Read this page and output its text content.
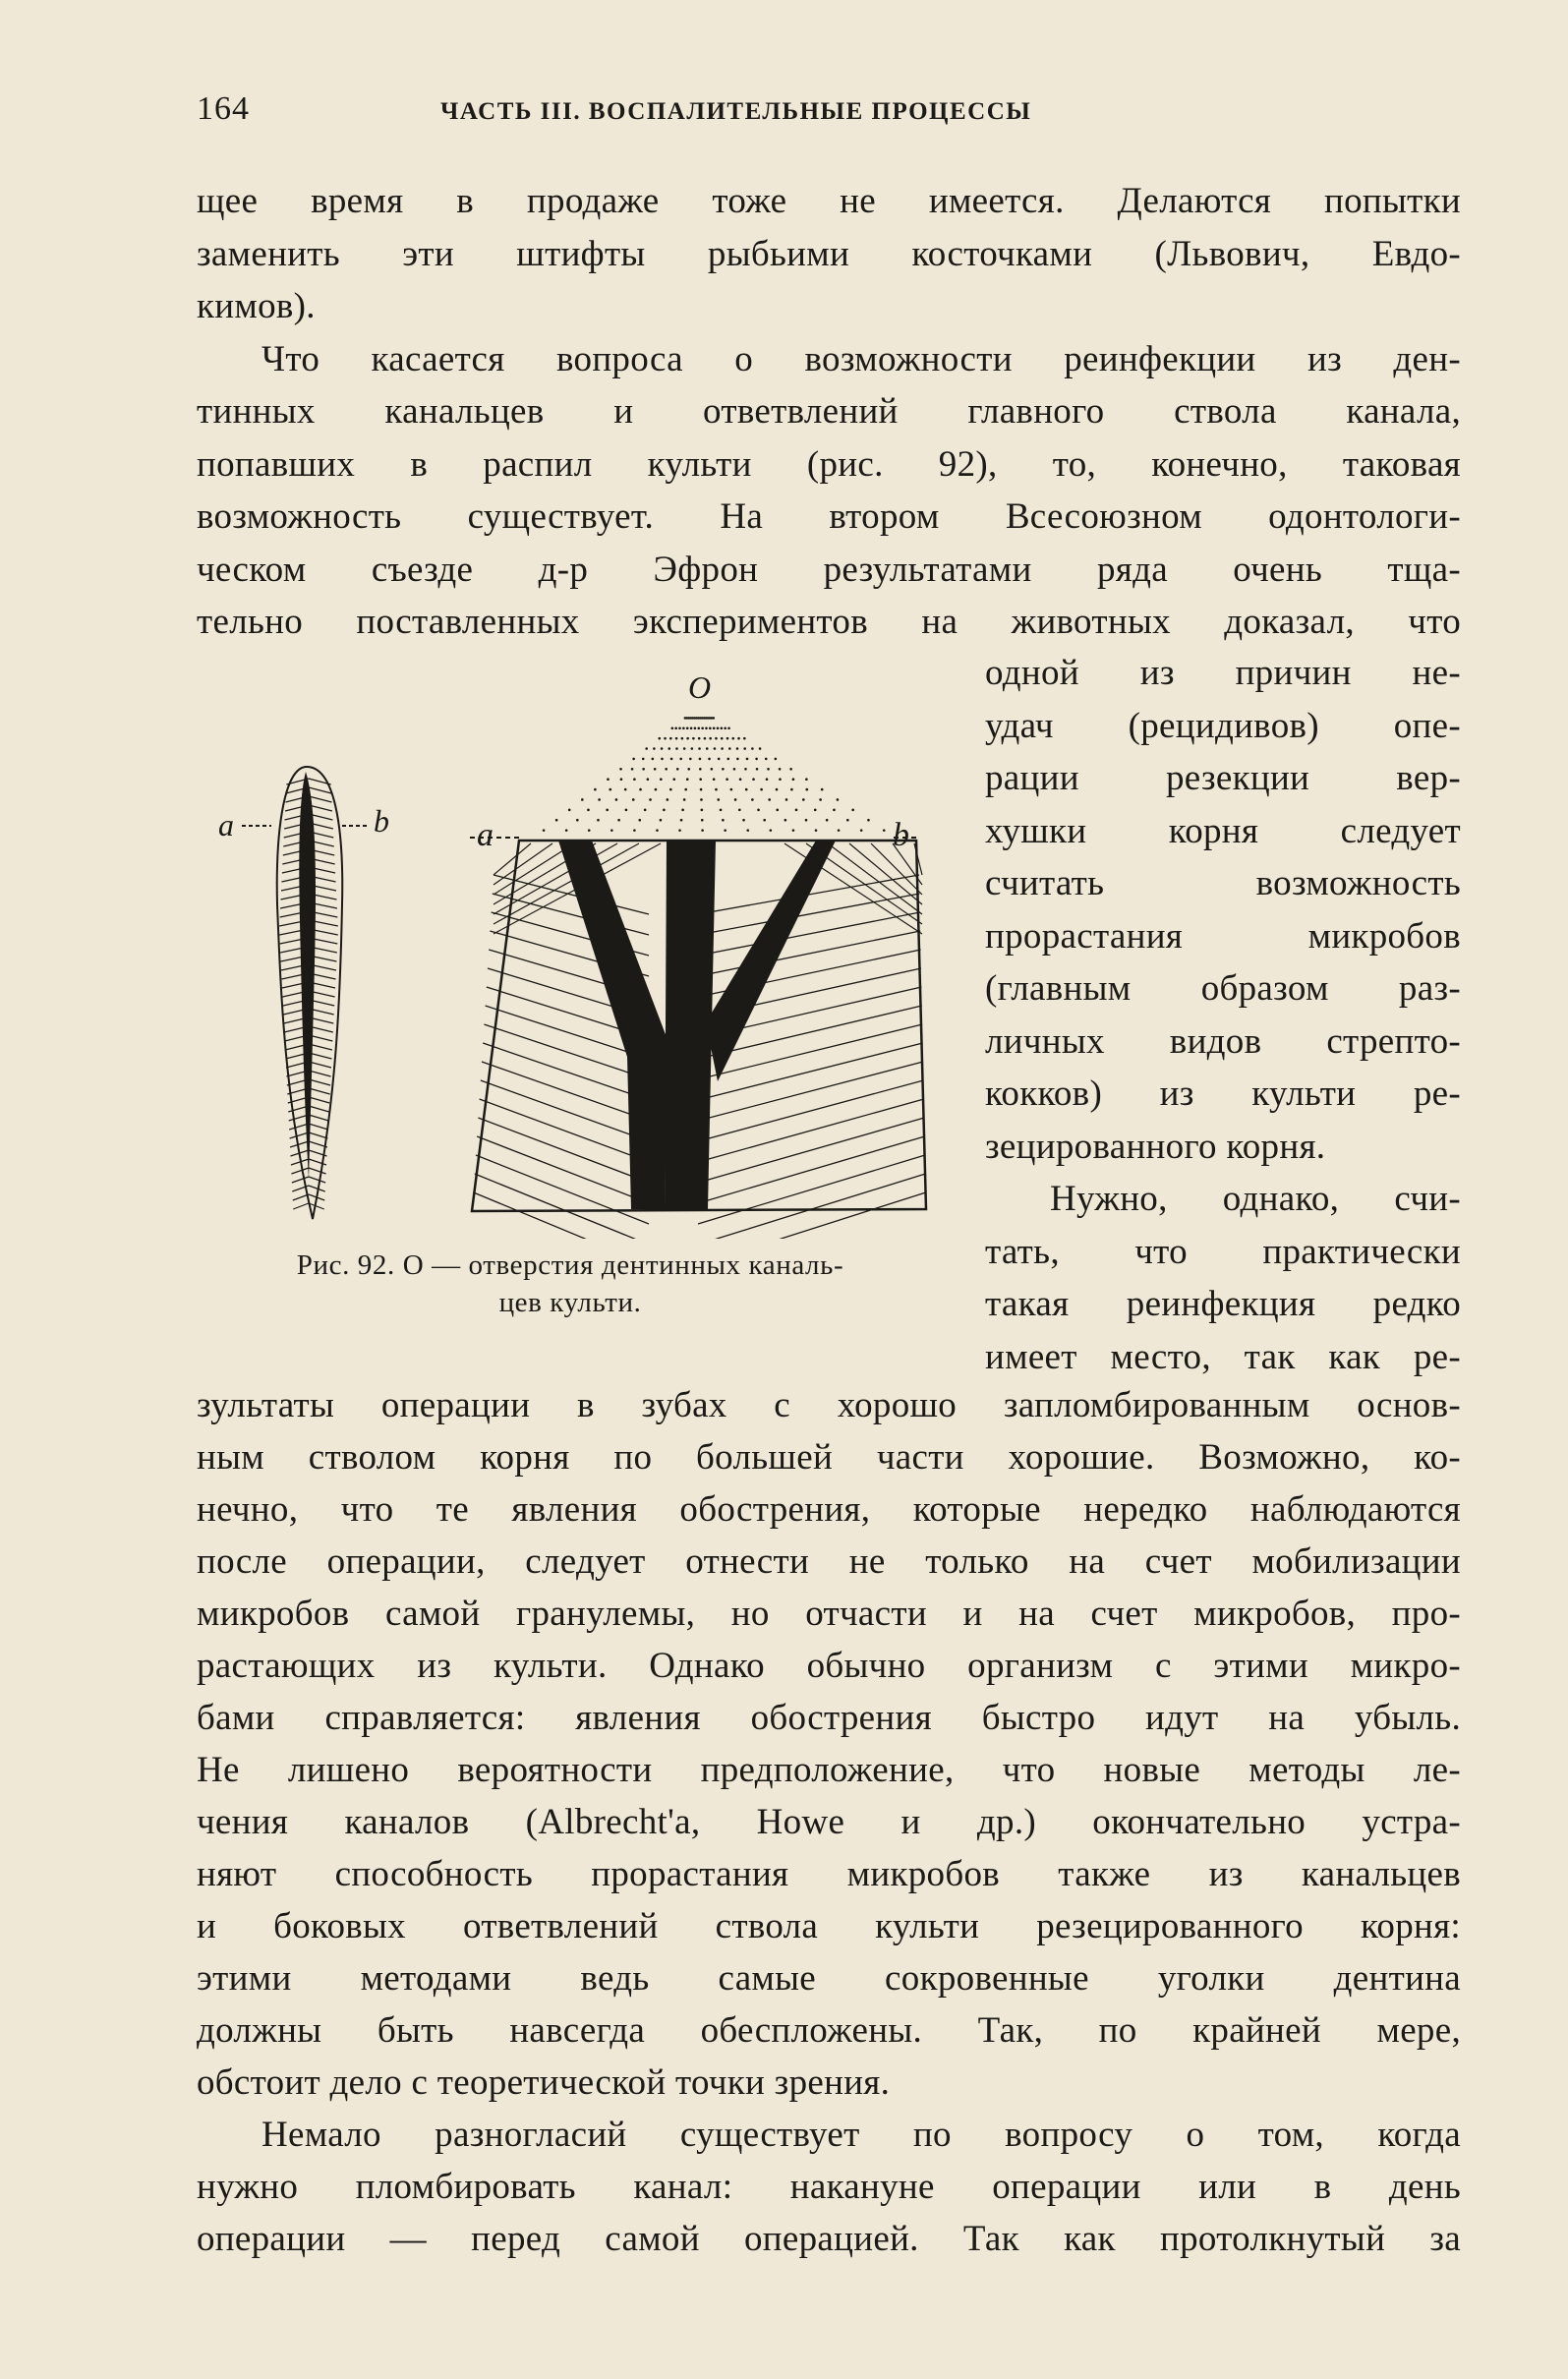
164	ЧАСТЬ III. ВОСПАЛИТЕЛЬНЫЕ ПРОЦЕССЫ
щее время в продаже тоже не имеется. Делаются попытки
заменить эти штифты рыбьими косточками (Львович, Евдо-
кимов).
Что касается вопроса о возможности реинфекции из ден-
тинных канальцев и ответвлений главного ствола канала,
попавших в распил культи (рис. 92), то, конечно, таковая
возможность существует. На втором Всесоюзном одонтологи-
ческом съезде д-р Эфрон результатами ряда очень тща-
тельно поставленных экспериментов на животных доказал, что
одной из причин не-
удач (рецидивов) опе-
рации резекции вер-
хушки корня следует
считать возможность
прорастания микробов
(главным образом раз-
личных видов стрепто-
кокков) из культи ре-
зецированного корня.
Нужно, однако, счи-
тать, что практически
такая реинфекция редко
имеет место, так как ре-
зультаты операции в зубах с хорошо запломбированным основ-
ным стволом корня по большей части хорошие. Возможно, ко-
нечно, что те явления обострения, которые нередко наблюдаются
после операции, следует отнести не только на счет мобилизации
микробов самой гранулемы, но отчасти и на счет микробов, про-
растающих из культи. Однако обычно организм с этими микро-
бами справляется: явления обострения быстро идут на убыль.
Не лишено вероятности предположение, что новые методы ле-
чения каналов (Albrecht'a, Howe и др.) окончательно устра-
няют способность прорастания микробов также из канальцев
и боковых ответвлений ствола культи резецированного корня:
этими методами ведь самые сокровенные уголки дентина
должны быть навсегда обеспложены. Так, по крайней мере,
обстоит дело с теоретической точки зрения.
Немало разногласий существует по вопросу о том, когда
нужно пломбировать канал: накануне операции или в день
операции — перед самой операцией. Так как протолкнутый за
a	b
O
a	b
Рис. 92. О — отверстия дентинных каналь-
цев культи.
